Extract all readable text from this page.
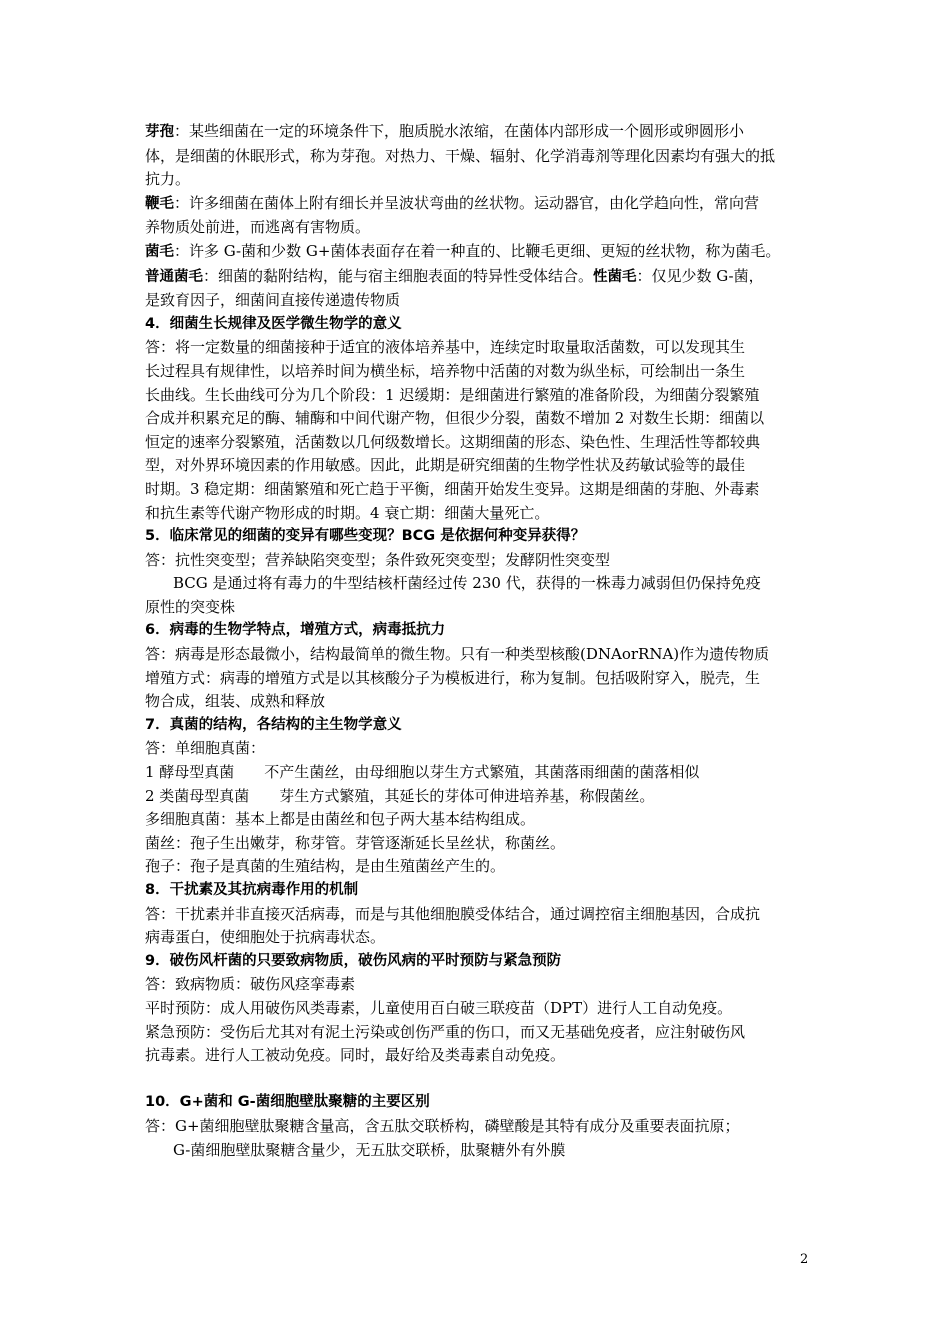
芽孢：某些细菌在一定的环境条件下，胞质脱水浓缩，在菌体内部形成一个圆形或卵圆形小
体，是细菌的休眠形式，称为芽孢。对热力、干燥、辐射、化学消毒剂等理化因素均有强大的抵
抗力。
鞭毛：许多细菌在菌体上附有细长并呈波状弯曲的丝状物。运动器官，由化学趋向性，常向营
养物质处前进，而逃离有害物质。
菌毛：许多 G-菌和少数 G+菌体表面存在着一种直的、比鞭毛更细、更短的丝状物，称为菌毛。
普通菌毛：细菌的黏附结构，能与宿主细胞表面的特异性受体结合。性菌毛：仅见少数 G-菌，
是致育因子，细菌间直接传递遗传物质
4．细菌生长规律及医学微生物学的意义
答：将一定数量的细菌接种于适宜的液体培养基中，连续定时取量取活菌数，可以发现其生
长过程具有规律性，以培养时间为横坐标，培养物中活菌的对数为纵坐标，可绘制出一条生
长曲线。生长曲线可分为几个阶段：1 迟缓期：是细菌进行繁殖的准备阶段，为细菌分裂繁殖
合成并积累充足的酶、辅酶和中间代谢产物，但很少分裂，菌数不增加 2 对数生长期：细菌以
恒定的速率分裂繁殖，活菌数以几何级数增长。这期细菌的形态、染色性、生理活性等都较典
型，对外界环境因素的作用敏感。因此，此期是研究细菌的生物学性状及药敏试验等的最佳
时期。3 稳定期：细菌繁殖和死亡趋于平衡，细菌开始发生变异。这期是细菌的芽胞、外毒素
和抗生素等代谢产物形成的时期。4 衰亡期：细菌大量死亡。
5．临床常见的细菌的变异有哪些变现？BCG 是依据何种变异获得？
答：抗性突变型；营养缺陷突变型；条件致死突变型；发酵阴性突变型
BCG 是通过将有毒力的牛型结核杆菌经过传 230 代，获得的一株毒力减弱但仍保持免疫
原性的突变株
6．病毒的生物学特点，增殖方式，病毒抵抗力
答：病毒是形态最微小，结构最简单的微生物。只有一种类型核酸(DNAorRNA)作为遗传物质
增殖方式：病毒的增殖方式是以其核酸分子为模板进行，称为复制。包括吸附穿入，脱壳，生
物合成，组装、成熟和释放
7．真菌的结构，各结构的主生物学意义
答：单细胞真菌：
1 酵母型真菌　　不产生菌丝，由母细胞以芽生方式繁殖，其菌落雨细菌的菌落相似
2 类菌母型真菌　　芽生方式繁殖，其延长的芽体可伸进培养基，称假菌丝。
多细胞真菌：基本上都是由菌丝和包子两大基本结构组成。
菌丝：孢子生出嫩芽，称芽管。芽管逐渐延长呈丝状，称菌丝。
孢子：孢子是真菌的生殖结构，是由生殖菌丝产生的。
8．干扰素及其抗病毒作用的机制
答：干扰素并非直接灭活病毒，而是与其他细胞膜受体结合，通过调控宿主细胞基因，合成抗
病毒蛋白，使细胞处于抗病毒状态。
9．破伤风杆菌的只要致病物质，破伤风病的平时预防与紧急预防
答：致病物质：破伤风痉挛毒素
平时预防：成人用破伤风类毒素，儿童使用百白破三联疫苗（DPT）进行人工自动免疫。
紧急预防：受伤后尤其对有泥土污染或创伤严重的伤口，而又无基础免疫者，应注射破伤风
抗毒素。进行人工被动免疫。同时，最好给及类毒素自动免疫。
10．G+菌和 G-菌细胞壁肽聚糖的主要区别
答：G+菌细胞壁肽聚糖含量高，含五肽交联桥构，磷壁酸是其特有成分及重要表面抗原；
G-菌细胞壁肽聚糖含量少，无五肽交联桥，肽聚糖外有外膜
2
